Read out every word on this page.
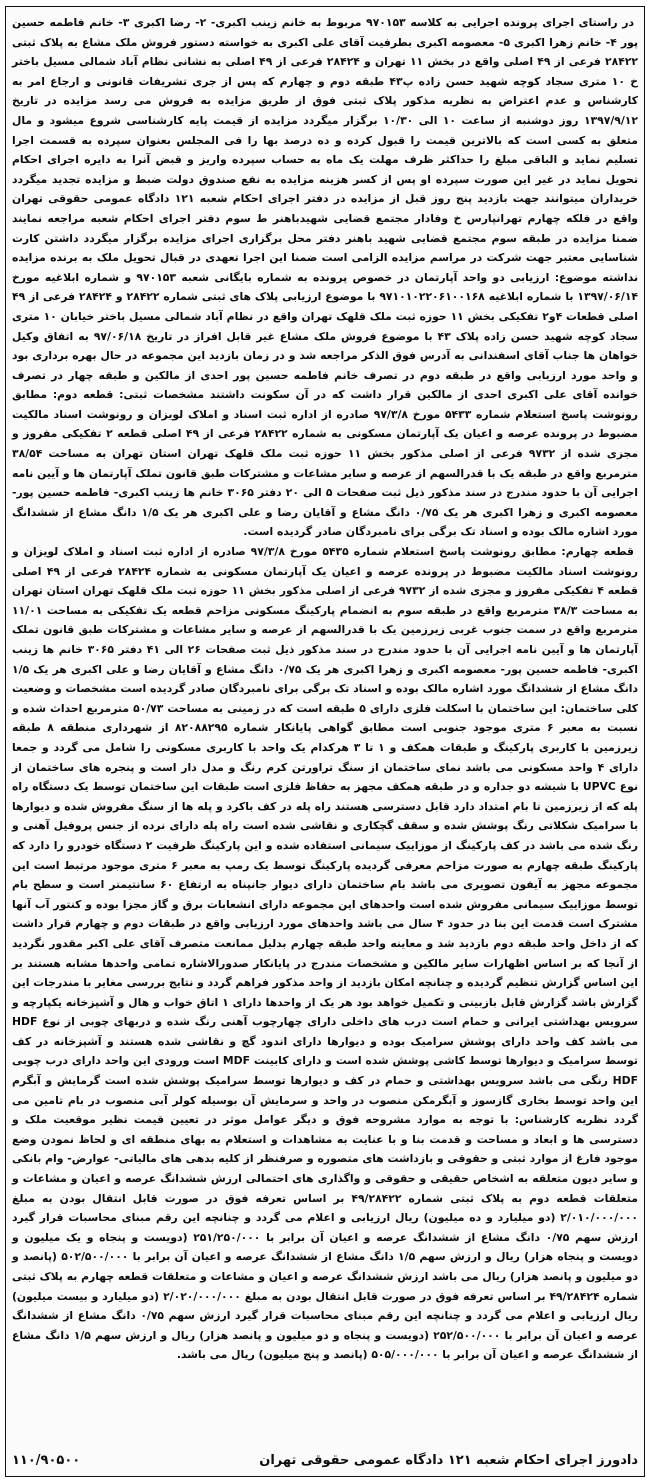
در راستای اجرای پرونده اجرایی به کلاسه ۹۷۰۱۵۳ مربوط به خانم زینب اکبری- ۲- رضا اکبری ۳- خانم فاطمه حسین پور ۴- خانم زهرا اکبری ۵- معصومه اکبری بطرفیت آقای علی اکبری به خواسته دستور فروش ملک مشاع به پلاک ثبتی ۲۸۴۲۲ فرعی از ۴۹ اصلی واقع در بخش ۱۱ تهران و ۲۸۴۲۴ فرعی از ۴۹ اصلی به نشانی نظام آباد شمالی مسیل باختر خ ۱۰ متری سجاد کوچه شهید حسن زاده پ۴۳ طبقه دوم و چهارم که پس از جری تشریفات قانونی و ارجاع امر به کارشناس و عدم اعتراض به نظریه مذکور پلاک ثبتی فوق از طریق مزایده به فروش می رسد مزایده در تاریخ ۱۳۹۷/۹/۱۲ روز دوشنبه از ساعت ۱۰ الی ۱۰/۳۰ برگزار میگردد مزایده از قیمت پایه کارشناسی شروع میشود و مال متعلق به کسی است که بالاترین قیمت را قبول کرده و ده درصد بها را فی المجلس بعنوان سپرده به قسمت اجرا تسلیم نماید و الباقی مبلغ را حداکثر ظرف مهلت یک ماه به حساب سپرده واریز و قبض آنرا به دایره اجرای احکام تحویل نماید در غیر این صورت سپرده او پس از کسر هزینه مزایده به نفع صندوق دولت ضبط و مزایده تجدید میگردد خریداران میتوانند جهت بازدید پنج روز قبل از مزایده در دفتر اجرای احکام شعبه ۱۲۱ دادگاه عمومی حقوقی تهران واقع در فلکه چهارم تهرانپارس خ وفادار مجتمع قضایی شهیدباهنر ط سوم دفتر اجرای احکام شعبه مراجعه نمایند ضمنا مزایده در طبقه سوم مجتمع قضایی شهید باهنر دفتر محل برگزاری اجرای مزایده برگزار میگردد داشتن کارت شناسایی معتبر جهت شرکت در مراسم مزایده الزامی است ضمنا این اجرا تعهدی در قبال تحویل ملک به برنده مزایده نداشته موضوع: ارزیابی دو واحد آپارتمان در خصوص پرونده به شماره بایگانی شعبه ۹۷۰۱۵۳ و شماره ابلاغیه مورخ ۱۳۹۷/۰۶/۱۴ با شماره ابلاغیه ۹۷۱۰۱۰۲۲۰۶۱۰۰۱۶۸ با موضوع ارزیابی پلاک های ثبتی شماره ۲۸۴۲۲ و ۲۸۴۲۴ فرعی از ۴۹ اصلی قطعات ۴و۲ تفکیکی بخش ۱۱ حوزه ثبت ملک قلهک تهران واقع در نظام آباد شمالی مسیل باختر خیابان ۱۰ متری سجاد کوچه شهید حسن زاده پلاک ۴۳ با موضوع فروش ملک مشاع غیر قابل افراز در تاریخ ۹۷/۰۶/۱۸ به اتفاق وکیل خواهان ها جناب آقای اسفندانی به آدرس فوق الذکر مراجعه شد و در زمان بازدید این مجموعه در حال بهره برداری بود و واحد مورد ارزیابی واقع در طبقه دوم در تصرف خانم فاطمه حسین پور احدی از مالکین و طبقه چهار در تصرف خوانده آقای علی اکبری احدی از مالکین قرار داشت که در آن سکونت داشتند مشخصات ثبتی: قطعه دوم: مطابق رونوشت پاسخ استعلام شماره ۵۴۳۳ مورخ ۹۷/۳/۸ صادره از اداره ثبت اسناد و املاک لویزان و رونوشت اسناد مالکیت مضبوط در پرونده عرصه و اعیان یک آپارتمان مسکونی به شماره ۲۸۴۲۲ فرعی از ۴۹ اصلی قطعه ۲ تفکیکی مفروز و مجزی شده از ۹۷۳۲ فرعی از اصلی مذکور بخش ۱۱ حوزه ثبت ملک قلهک تهران استان تهران به مساحت ۳۸/۵۴ مترمربع واقع در طبقه یک با قدرالسهم از عرصه و سایر مشاعات و مشترکات طبق قانون تملک آپارتمان ها و آیین نامه اجرایی آن با حدود مندرج در سند مذکور ذیل ثبت صفحات ۵ الی ۲۰ دفتر ۳۰۶۵ خانم ها زینب اکبری- فاطمه حسین پور- معصومه اکبری و زهرا اکبری هر یک ۰/۷۵ دانگ مشاع و آقایان رضا و علی اکبری هر یک ۱/۵ دانگ مشاع از ششدانگ مورد اشاره مالک بوده و اسناد تک برگی برای نامبردگان صادر گردیده است.

قطعه چهارم: مطابق رونوشت پاسخ استعلام شماره ۵۴۳۵ مورخ ۹۷/۳/۸ صادره از اداره ثبت اسناد و املاک لویزان و رونوشت اسناد مالکیت مضبوط در پرونده عرصه و اعیان یک آپارتمان مسکونی به شماره ۲۸۴۲۴ فرعی از ۴۹ اصلی قطعه ۴ تفکیکی مفروز و مجزی شده از ۹۷۳۲ فرعی از اصلی مذکور بخش ۱۱ حوزه ثبت ملک قلهک تهران استان تهران به مساحت ۳۸/۳ مترمربع واقع در طبقه سوم به انضمام پارکینگ مسکونی مزاحم قطعه یک تفکیکی به مساحت ۱۱/۰۱ مترمربع واقع در سمت جنوب غربی زیرزمین یک با قدرالسهم از عرصه و سایر مشاعات و مشترکات طبق قانون تملک آپارتمان ها و آیین نامه اجرایی آن با حدود مندرج در سند مذکور ذیل ثبت صفحات ۲۶ الی ۴۱ دفتر ۳۰۶۵ خانم ها زینب اکبری- فاطمه حسین پور- معصومه اکبری و زهرا اکبری هر یک ۰/۷۵ دانگ مشاع و آقایان رضا و علی اکبری هر یک ۱/۵ دانگ مشاع از ششدانگ مورد اشاره مالک بوده و اسناد تک برگی برای نامبردگان صادر گردیده است مشخصات و وضعیت کلی ساختمان: این ساختمان با اسکلت فلزی دارای ۵ طبقه است که در زمینی به مساحت ۵۰/۷۳ مترمربع احداث شده و نسبت به معبر ۶ متری موجود جنوبی است مطابق گواهی پایانکار شماره ۸۲۰۸۸۲۹۵ از شهرداری منطقه ۸ طبقه زیرزمین با کاربری پارکینگ و طبقات همکف و ۱ تا ۳ هرکدام یک واحد با کاربری مسکونی را شامل می گردد و جمعا دارای ۴ واحد مسکونی می باشد نمای ساختمان از سنگ تراورتن کرم رنگ و مدل دار است و پنجره های ساختمان از نوع UPVC با شیشه دو جداره و در طبقه همکف مجهز به حفاظ فلزی است طبقات این ساختمان توسط یک دستگاه راه پله که از زیرزمین تا بام امتداد دارد قابل دسترسی هستند راه پله در کف باکرد و پله ها از سنگ مفروش شده و دیوارها با سرامیک شکلاتی رنگ پوشش شده و سقف گچکاری و نقاشی شده است راه پله دارای نرده از جنس پروفیل آهنی و رنگ شده می باشد در کف پارکینگ از موزاییک سیمانی استفاده شده و این پارکینگ ظرفیت ۲ دستگاه خودرو را دارد که پارکینگ طبقه چهارم به صورت مزاحم معرفی گردیده پارکینگ توسط یک رمپ به معبر ۶ متری موجود مرتبط است این مجموعه مجهز به آیفون تصویری می باشد بام ساختمان دارای دیوار جانپناه به ارتفاع ۶۰ سانتیمتر است و سطح بام توسط موزاییک سیمانی مفروش شده است واحدهای این مجموعه دارای انشعابات برق و گاز مجزا بوده و کنتور آب آنها مشترک است قدمت این بنا در حدود ۴ سال می باشد واحدهای مورد ارزیابی واقع در طبقات دوم و چهارم قرار داشت که از داخل واحد طبقه دوم بازدید شد و معاینه واحد طبقه چهارم بدلیل ممانعت متصرف آقای علی اکبر مقدور نگردید از آنجا که بر اساس اظهارات سایر مالکین و مشخصات مندرج در پایانکار صدورالاشاره تمامی واحدها مشابه هستند بر این اساس گزارش تنظیم گردیده و چنانچه امکان بازدید از واحد مذکور فراهم گردد و نتایج بررسی مغایر با مندرجات این گزارش باشد گزارش قابل بازبینی و تکمیل خواهد بود هر یک از واحدها دارای ۱ اتاق خواب و هال و آشپزخانه یکپارچه و سرویس بهداشتی ایرانی و حمام است درب های داخلی دارای چهارچوب آهنی رنگ شده و دربهای چوبی از نوع HDF می باشد کف واحد دارای پوشش سرامیک بوده و دیوارها دارای اندود گچ و نقاشی شده هستند و آشپزخانه در کف توسط سرامیک و دیوارها توسط کاشی پوشش شده است و دارای کابینت MDF است ورودی این واحد دارای درب چوبی HDF رنگی می باشد سرویس بهداشتی و حمام در کف و دیوارها توسط سرامیک پوشش شده است گرمایش و آبگرم این واحد توسط بخاری گازسوز و آبگرمکن منصوب در واحد و سرمایش آن بوسیله کولر آبی منصوب در بام تامین می گردد نظریه کارشناس: با توجه به موارد مشروحه فوق و دیگر عوامل موثر در تعیین قیمت نظیر موقعیت ملک و دسترسی ها و ابعاد و مساحت و قدمت بنا و با عنایت به مشاهدات و استعلام به بهای منطقه ای و لحاظ نمودن وضع موجود فارغ از موارد ثبتی و حقوقی و بازداشت های متصوره و صرفنظر از کلیه بدهی های مالیاتی- عوارض- وام بانکی و سایر دیون متعلقه به اشخاص حقیقی و حقوقی و واگذاری های احتمالی ارزش ششدانگ عرصه و اعیان و مشاعات و متعلقات قطعه دوم به پلاک ثبتی شماره ۴۹/۲۸۴۲۲ بر اساس تعرفه فوق در صورت قابل انتقال بودن به مبلغ ۲/۰۱۰/۰۰۰/۰۰۰ (دو میلیارد و ده میلیون) ریال ارزیابی و اعلام می گردد و چنانچه این رقم مبنای محاسبات قرار گیرد ارزش سهم ۰/۷۵ دانگ مشاع از ششدانگ عرصه و اعیان آن برابر با ۲۵۱/۲۵۰/۰۰۰ (دویست و پنجاه و یک میلیون و دویست و پنجاه هزار) ریال و ارزش سهم ۱/۵ دانگ مشاع از ششدانگ عرصه و اعیان آن برابر با ۵۰۲/۵۰۰/۰۰۰ (پانصد و دو میلیون و پانصد هزار) ریال می باشد ارزش ششدانگ عرصه و اعیان و مشاعات و متعلقات قطعه چهارم به پلاک ثبتی شماره ۴۹/۲۸۴۲۴ بر اساس تعرفه فوق در صورت قابل انتقال بودن به مبلغ ۲/۰۲۰/۰۰۰/۰۰۰ (دو میلیارد و بیست میلیون) ریال ارزیابی و اعلام می گردد و چنانچه این رقم مبنای محاسبات قرار گیرد ارزش سهم ۰/۷۵ دانگ مشاع از ششدانگ عرصه و اعیان آن برابر با ۲۵۲/۵۰۰/۰۰۰ (دویست و پنجاه و دو میلیون و پانصد هزار) ریال و ارزش سهم ۱/۵ دانگ مشاع از ششدانگ عرصه و اعیان آن برابر با ۵۰۵/۰۰۰/۰۰۰ (پانصد و پنج میلیون) ریال می باشد.

دادورز اجرای احکام شعبه ۱۲۱ دادگاه عمومی حقوقی تهران
۱۱۰/۹۰۵۰۰
